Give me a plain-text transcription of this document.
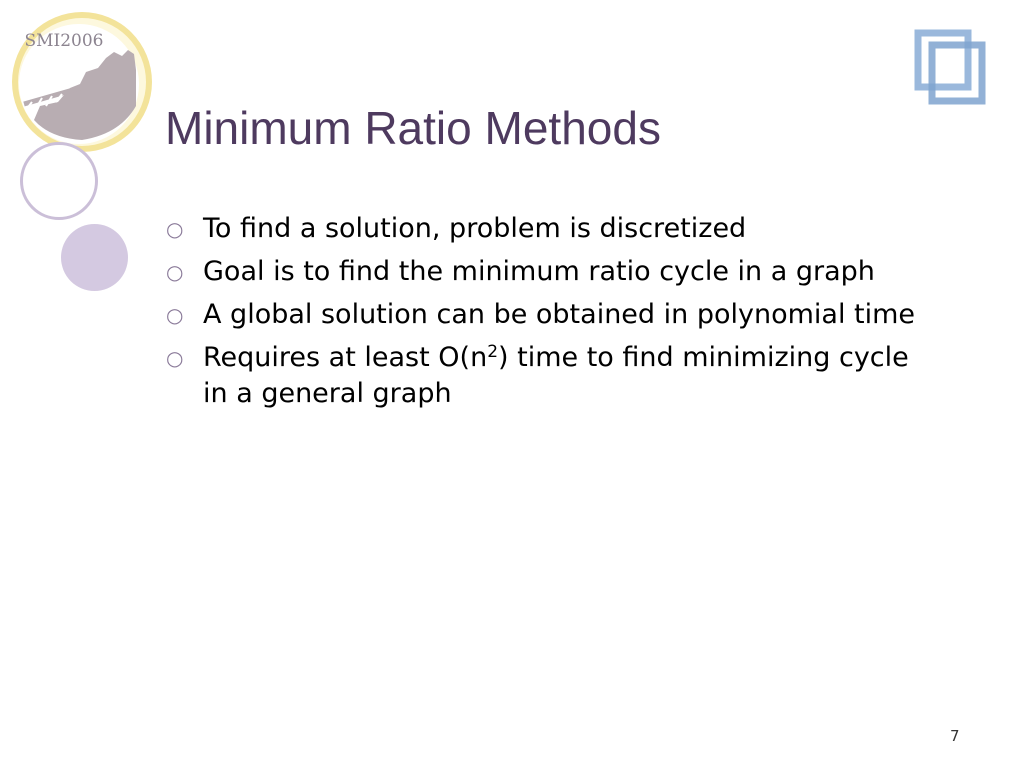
SMI2006
Minimum Ratio Methods
○ To find a solution, problem is discretized
○ Goal is to find the minimum ratio cycle in a graph
○ A global solution can be obtained in polynomial time
○ Requires at least $O(n^2)$ time to find minimizing cycle in a general graph
7
